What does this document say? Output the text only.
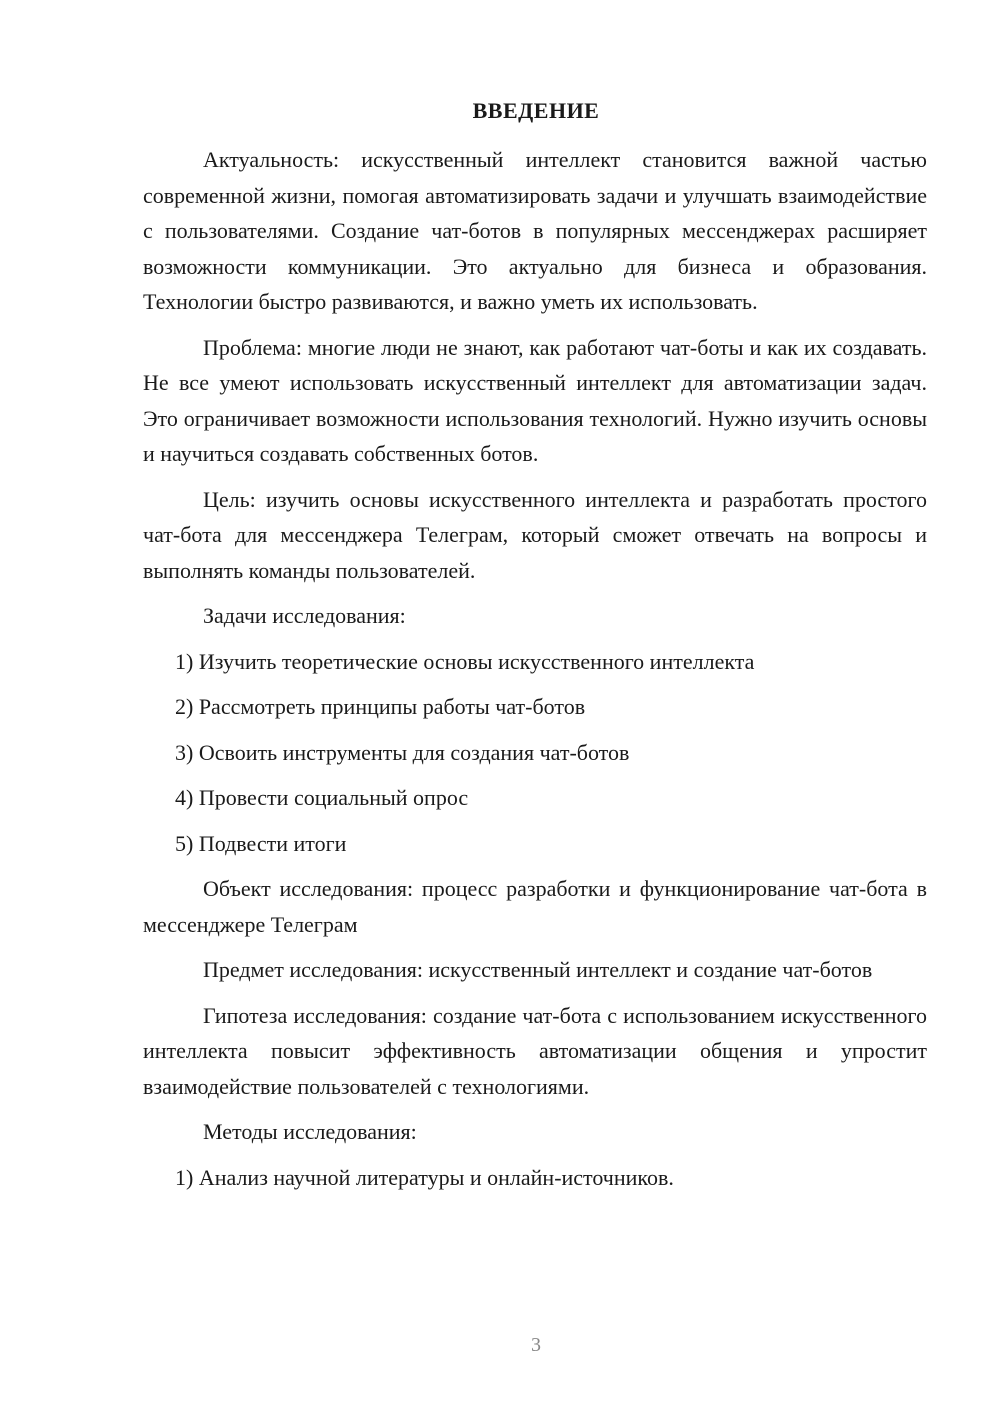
ВВЕДЕНИЕ

Актуальность: искусственный интеллект становится важной частью современной жизни, помогая автоматизировать задачи и улучшать взаимодействие с пользователями. Создание чат-ботов в популярных мессенджерах расширяет возможности коммуникации. Это актуально для бизнеса и образования. Технологии быстро развиваются, и важно уметь их использовать.

Проблема: многие люди не знают, как работают чат-боты и как их создавать. Не все умеют использовать искусственный интеллект для автоматизации задач. Это ограничивает возможности использования технологий. Нужно изучить основы и научиться создавать собственных ботов.

Цель: изучить основы искусственного интеллекта и разработать простого чат-бота для мессенджера Телеграм, который сможет отвечать на вопросы и выполнять команды пользователей.

Задачи исследования:

1) Изучить теоретические основы искусственного интеллекта

2) Рассмотреть принципы работы чат-ботов

3) Освоить инструменты для создания чат-ботов

4) Провести социальный опрос

5) Подвести итоги

Объект исследования: процесс разработки и функционирование чат-бота в мессенджере Телеграм

Предмет исследования: искусственный интеллект и создание чат-ботов

Гипотеза исследования: создание чат-бота с использованием искусственного интеллекта повысит эффективность автоматизации общения и упростит взаимодействие пользователей с технологиями.

Методы исследования:

1) Анализ научной литературы и онлайн-источников.

3
